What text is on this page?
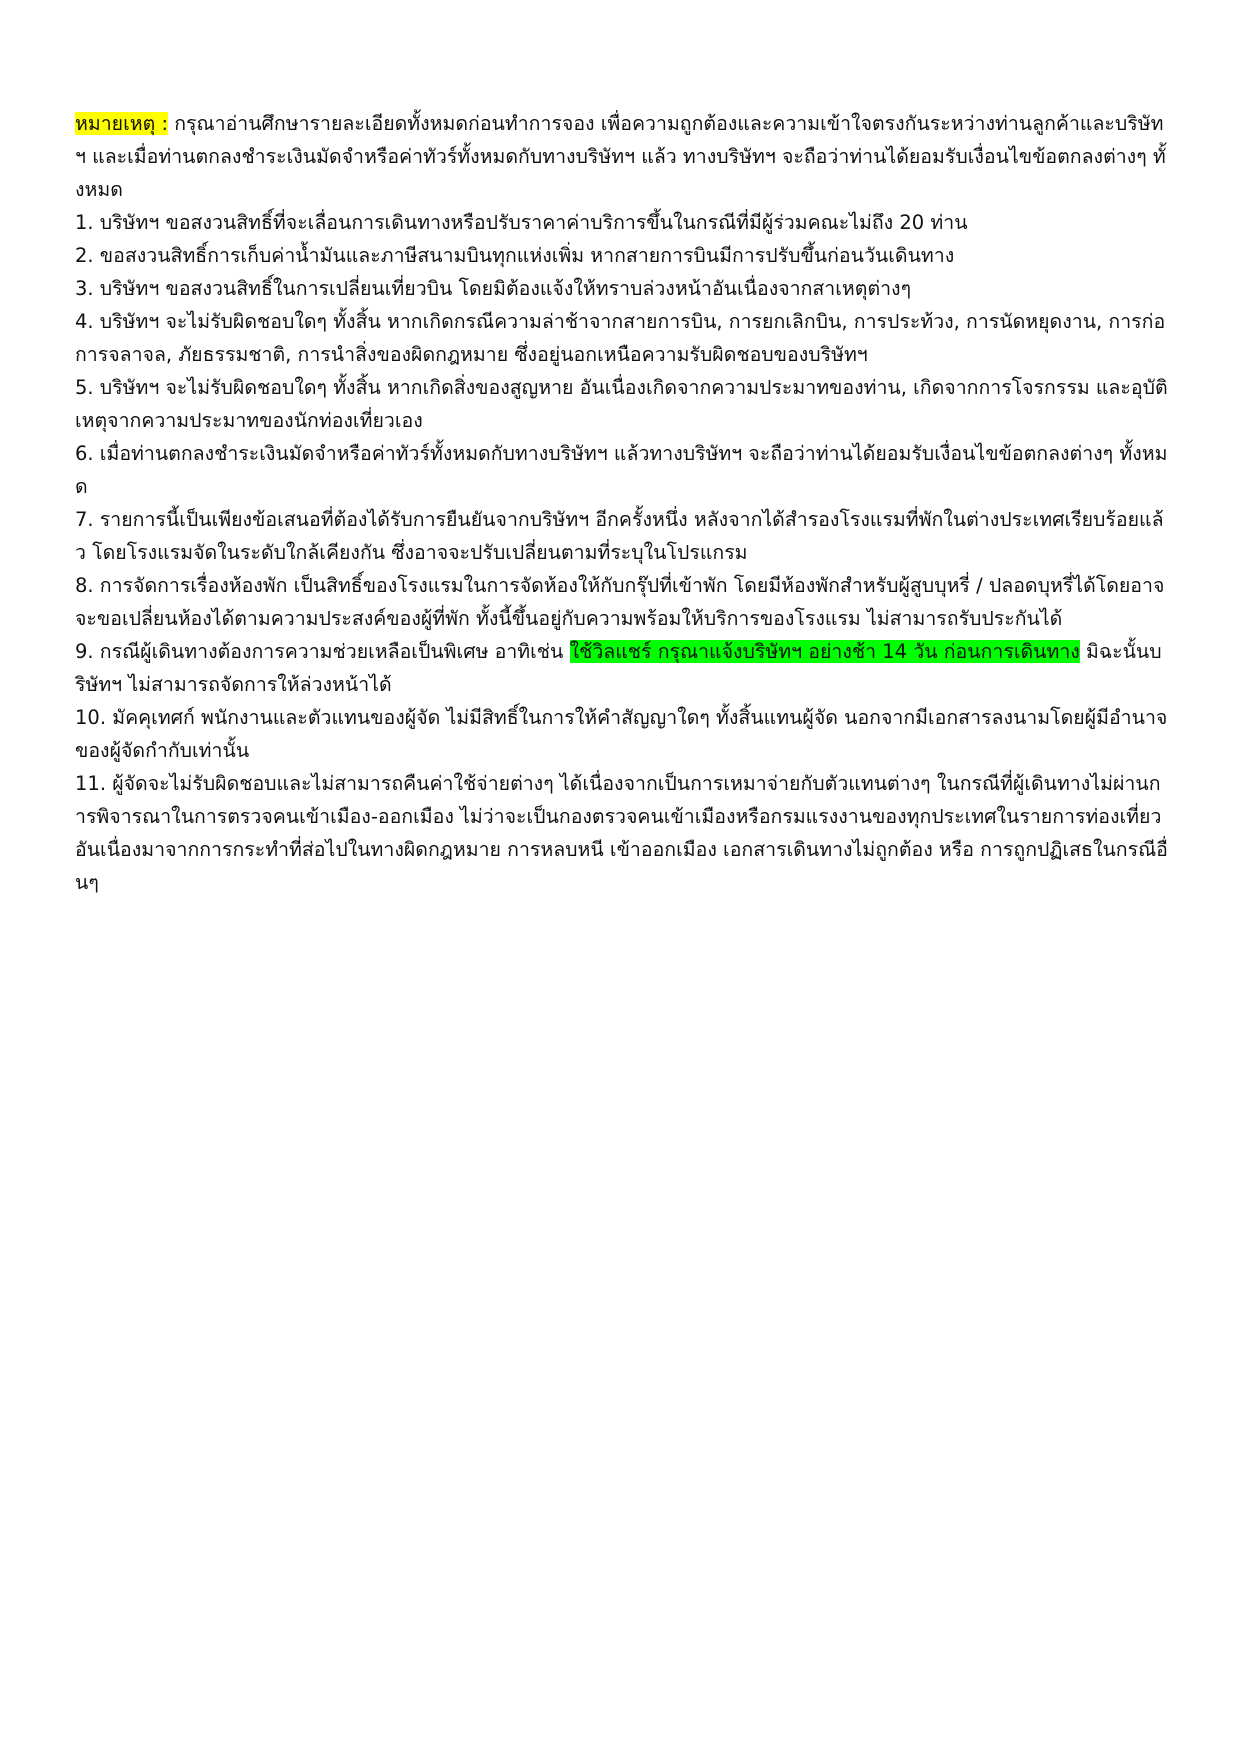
หมายเหตุ : กรุณาอ่านศึกษารายละเอียดทั้งหมดก่อนทำการจอง เพื่อความถูกต้องและความเข้าใจตรงกันระหว่างท่านลูกค้าและบริษัทฯ และเมื่อท่านตกลงชำระเงินมัดจำหรือค่าทัวร์ทั้งหมดกับทางบริษัทฯ แล้ว ทางบริษัทฯ จะถือว่าท่านได้ยอมรับเงื่อนไขข้อตกลงต่างๆ ทั้งหมด

1. บริษัทฯ ขอสงวนสิทธิ์ที่จะเลื่อนการเดินทางหรือปรับราคาค่าบริการขึ้นในกรณีที่มีผู้ร่วมคณะไม่ถึง 20 ท่าน

2. ขอสงวนสิทธิ์การเก็บค่าน้ำมันและภาษีสนามบินทุกแห่งเพิ่ม หากสายการบินมีการปรับขึ้นก่อนวันเดินทาง

3. บริษัทฯ ขอสงวนสิทธิ์ในการเปลี่ยนเที่ยวบิน โดยมิต้องแจ้งให้ทราบล่วงหน้าอันเนื่องจากสาเหตุต่างๆ

4. บริษัทฯ จะไม่รับผิดชอบใดๆ ทั้งสิ้น หากเกิดกรณีความล่าช้าจากสายการบิน, การยกเลิกบิน, การประท้วง, การนัดหยุดงาน, การก่อการจลาจล, ภัยธรรมชาติ, การนำสิ่งของผิดกฎหมาย ซึ่งอยู่นอกเหนือความรับผิดชอบของบริษัทฯ

5. บริษัทฯ จะไม่รับผิดชอบใดๆ ทั้งสิ้น หากเกิดสิ่งของสูญหาย อันเนื่องเกิดจากความประมาทของท่าน, เกิดจากการโจรกรรม และอุบัติเหตุจากความประมาทของนักท่องเที่ยวเอง

6. เมื่อท่านตกลงชำระเงินมัดจำหรือค่าทัวร์ทั้งหมดกับทางบริษัทฯ แล้วทางบริษัทฯ จะถือว่าท่านได้ยอมรับเงื่อนไขข้อตกลงต่างๆ ทั้งหมด

7. รายการนี้เป็นเพียงข้อเสนอที่ต้องได้รับการยืนยันจากบริษัทฯ อีกครั้งหนึ่ง หลังจากได้สำรองโรงแรมที่พักในต่างประเทศเรียบร้อยแล้ว โดยโรงแรมจัดในระดับใกล้เคียงกัน ซึ่งอาจจะปรับเปลี่ยนตามที่ระบุในโปรแกรม

8. การจัดการเรื่องห้องพัก เป็นสิทธิ์ของโรงแรมในการจัดห้องให้กับกรุ๊ปที่เข้าพัก โดยมีห้องพักสำหรับผู้สูบบุหรี่ / ปลอดบุหรี่ได้โดยอาจจะขอเปลี่ยนห้องได้ตามความประสงค์ของผู้ที่พัก ทั้งนี้ขึ้นอยู่กับความพร้อมให้บริการของโรงแรม ไม่สามารถรับประกันได้

9. กรณีผู้เดินทางต้องการความช่วยเหลือเป็นพิเศษ อาทิเช่น ใช้วิลแชร์ กรุณาแจ้งบริษัทฯ อย่างช้า 14 วัน ก่อนการเดินทาง มิฉะนั้นบริษัทฯ ไม่สามารถจัดการให้ล่วงหน้าได้

10. มัคคุเทศก์ พนักงานและตัวแทนของผู้จัด ไม่มีสิทธิ์ในการให้คำสัญญาใดๆ ทั้งสิ้นแทนผู้จัด นอกจากมีเอกสารลงนามโดยผู้มีอำนาจของผู้จัดกำกับเท่านั้น

11. ผู้จัดจะไม่รับผิดชอบและไม่สามารถคืนค่าใช้จ่ายต่างๆ ได้เนื่องจากเป็นการเหมาจ่ายกับตัวแทนต่างๆ ในกรณีที่ผู้เดินทางไม่ผ่านการพิจารณาในการตรวจคนเข้าเมือง-ออกเมือง ไม่ว่าจะเป็นกองตรวจคนเข้าเมืองหรือกรมแรงงานของทุกประเทศในรายการท่องเที่ยว อันเนื่องมาจากการกระทำที่ส่อไปในทางผิดกฎหมาย การหลบหนี เข้าออกเมือง เอกสารเดินทางไม่ถูกต้อง หรือ การถูกปฏิเสธในกรณีอื่นๆ
